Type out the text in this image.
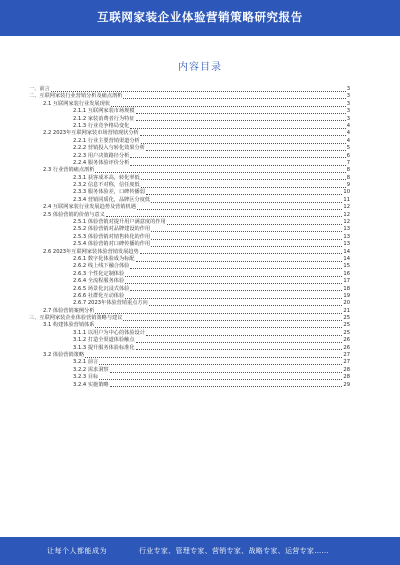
互联网家装企业体验营销策略研究报告
内容目录
一、前言	3
二、互联网家装行业营销分析及痛点剖析	3
2.1 互联网家装行业发展现状	3
2.1.1 互联网家装市场规模	3
2.1.2 家装消费者行为特征	3
2.1.3 行业竞争格局变化	4
2.2 2023年互联网家装市场营销现状分析	4
2.2.1 行业主要营销渠道分析	4
2.2.2 营销投入与转化效果分析	5
2.2.3 用户决策路径分析	6
2.2.4 服务体验评价分析	7
2.3 行业营销痛点剖析	8
2.3.1 获客成本高，转化率低	8
2.3.2 信息不对称，信任度低	9
2.3.3 服务体验差，口碑传播弱	10
2.3.4 营销同质化，品牌区分度低	11
2.4 互联网家装行业发展趋势及营销机遇	12
2.5 体验营销的价值与意义	12
2.5.1 体验营销对提升用户满意度的作用	12
2.5.2 体验营销对品牌建设的作用	13
2.5.3 体验营销对销售转化的作用	13
2.5.4 体验营销对口碑传播的作用	13
2.6 2023年互联网家装体验营销发展趋势	14
2.6.1 数字化体验成为标配	14
2.6.2 线上线下融合体验	15
2.6.3 个性化定制体验	16
2.6.4 全流程服务体验	17
2.6.5 场景化沉浸式体验	18
2.6.6 社群化互动体验	19
2.6.7 2023年体验营销重点方向	20
2.7 体验营销案例分析	21
三、互联网家装企业体验营销策略与建议	25
3.1 构建体验营销体系	25
3.1.1 以用户为中心的体验设计	25
3.1.2 打造全渠道体验触点	26
3.1.3 提升服务体验标准化	26
3.2 体验营销策略	27
3.2.1 前言	27
3.2.2 需求洞察	28
3.2.3 目标	28
3.2.4 实施策略	29
让每个人都能成为	行业专家、管理专家、营销专家、战略专家、运营专家……
